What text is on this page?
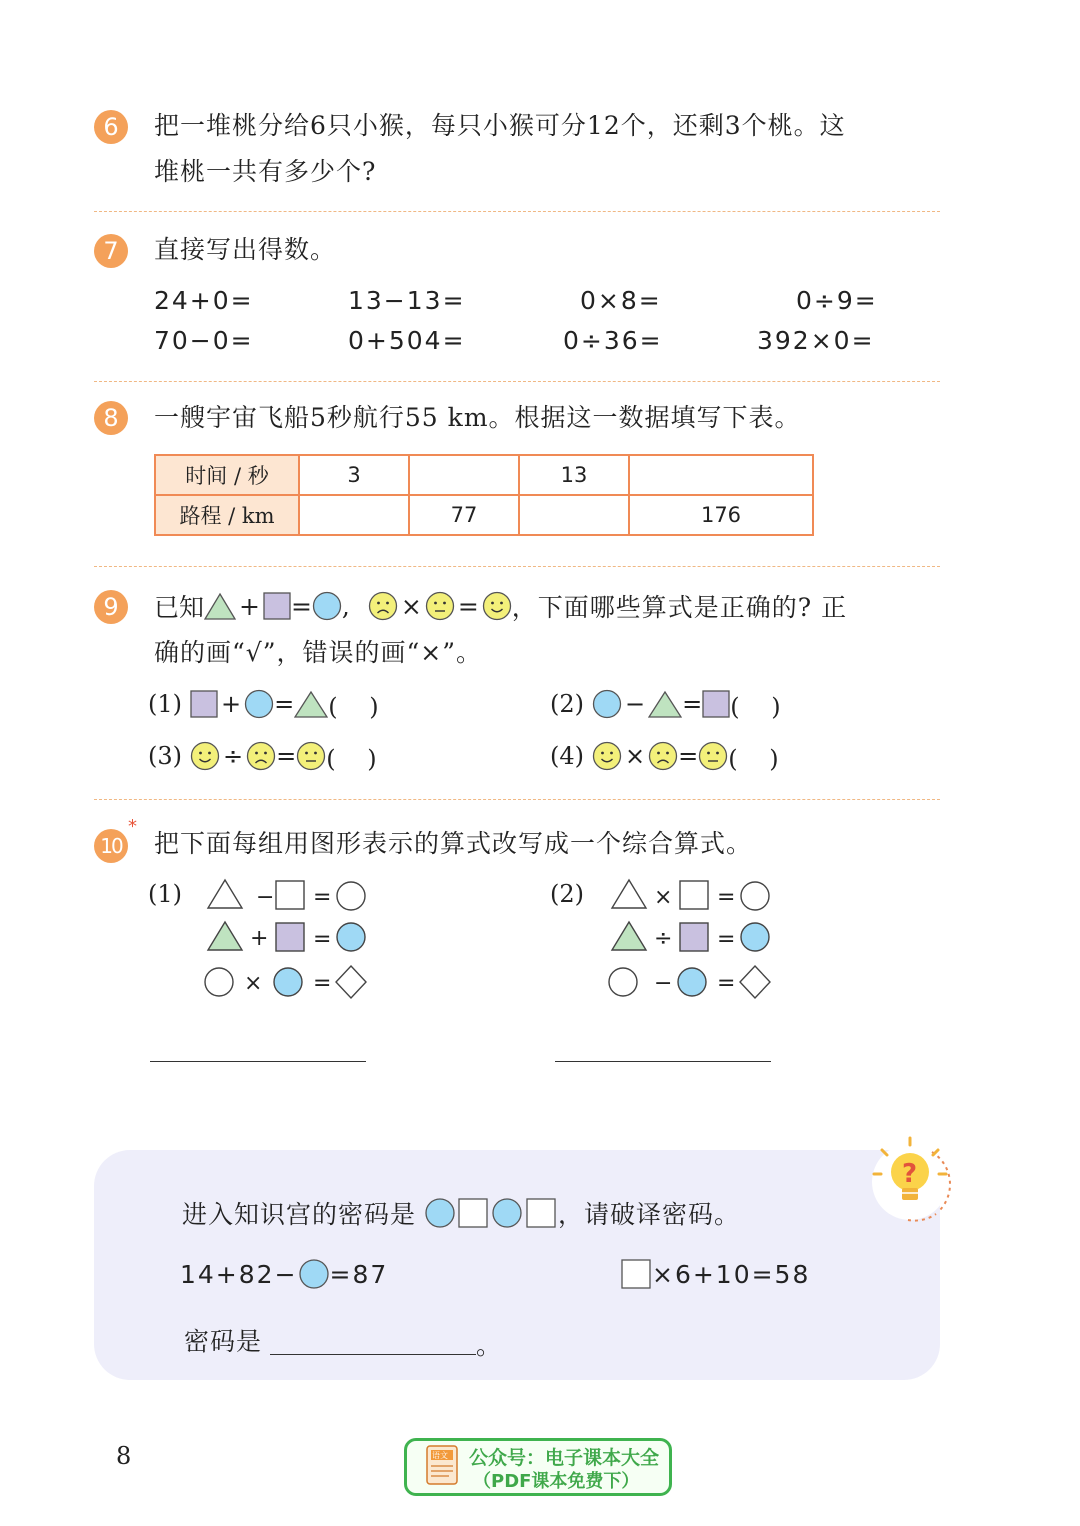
6	把一堆桃分给6只小猴，每只小猴可分12个，还剩3个桃。这
堆桃一共有多少个?
7	直接写出得数。
24+0=	13−13=	0×8=	0÷9=
70−0=	0+504=	0÷36=	392×0=
8	一艘宇宙飞船5秒航行55 km。根据这一数据填写下表。
时间 / 秒	3		13	
路程 / km		77		176
9	已知 + = , × = ，下面哪些算式是正确的? 正
确的画“√”，错误的画“×”。
(1) + = (　 )	(2) − = (　 )
(3) ÷ = (　 )	(4) × = (　 )
10
*
把下面每组用图形表示的算式改写成一个综合算式。
(1)	− =
+ =
× =
(2)	× =
÷ =
− =
?
进入知识宫的密码是	，请破译密码。
14+82− =87	×6+10=58
密码是	。
8	语文 公众号：电子课本大全
（PDF课本免费下）
